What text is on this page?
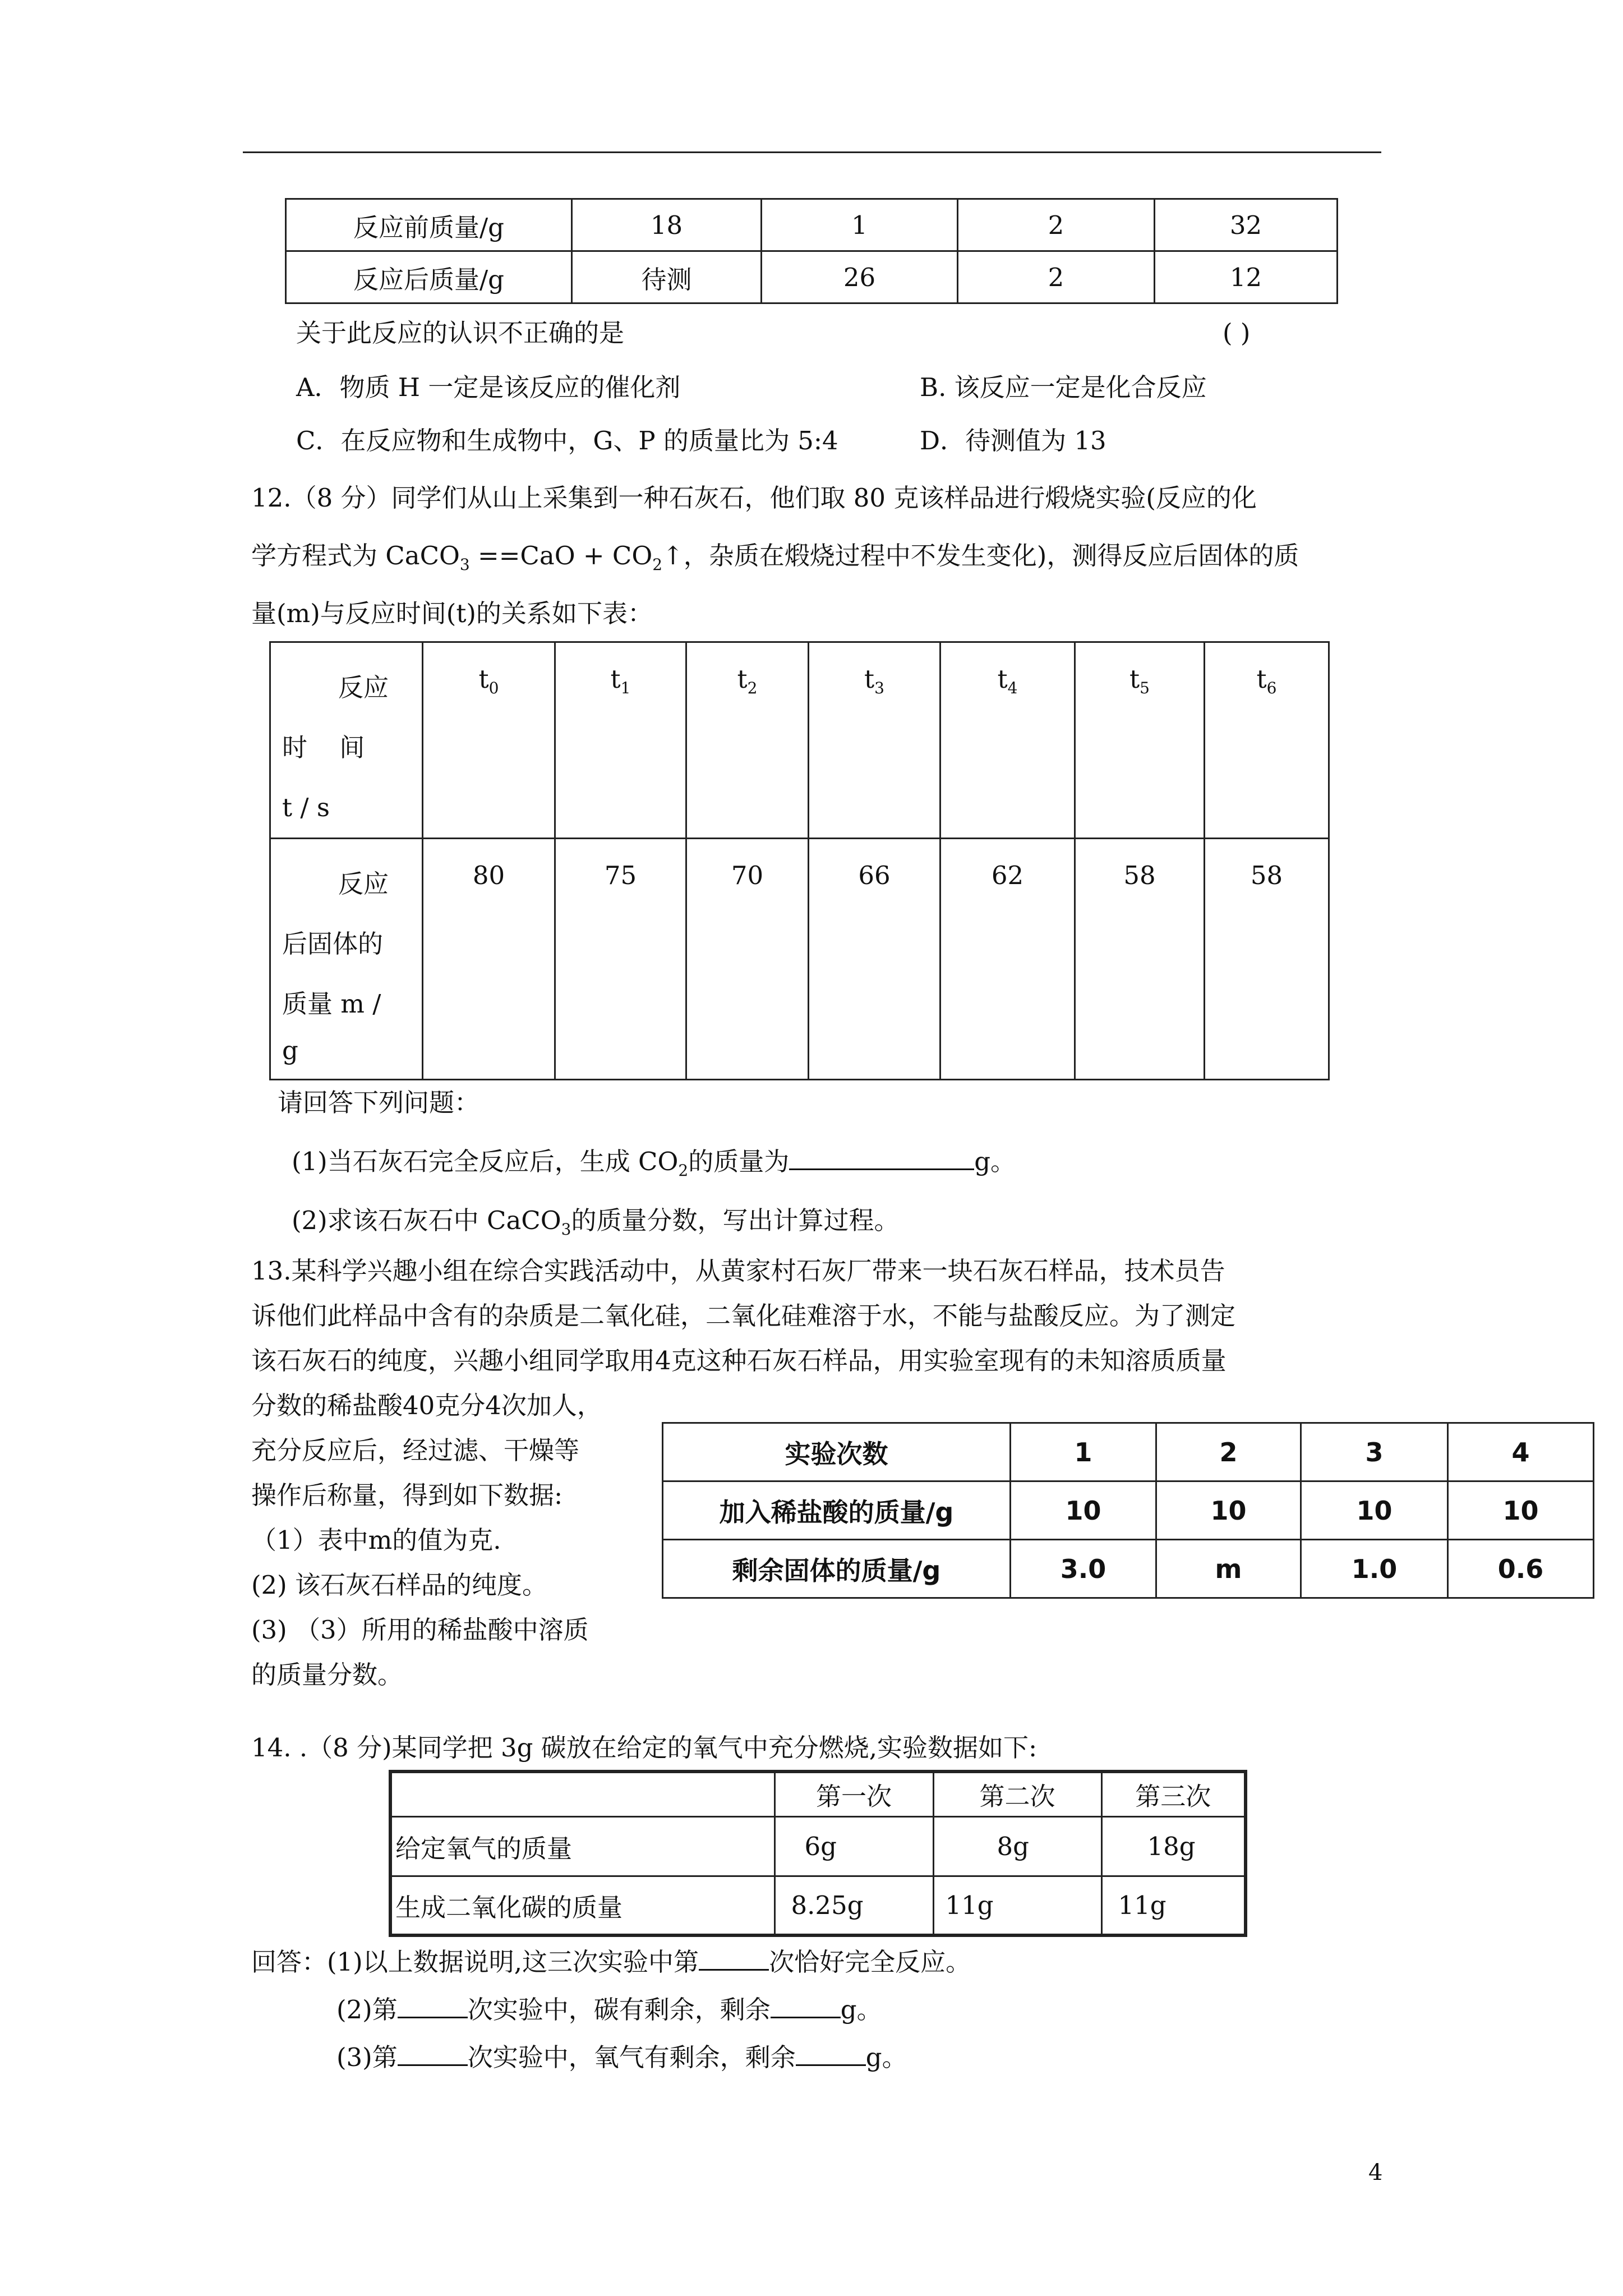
反应前质量/g	18	1	2	32
反应后质量/g	待测	26	2	12
关于此反应的认识不正确的是	( )
A．物质 H 一定是该反应的催化剂	B. 该反应一定是化合反应
C．在反应物和生成物中，G、P 的质量比为 5:4	D．待测值为 13
12.（8 分）同学们从山上采集到一种石灰石，他们取 80 克该样品进行煅烧实验(反应的化
学方程式为 CaCO$_3$ $==CaO + CO_2↑$，杂质在煅烧过程中不发生变化)，测得反应后固体的质
量(m)与反应时间(t)的关系如下表：
反应
时    间
t / s	$t_0$	$t_1$	$t_2$	$t_3$	$t_4$	$t_5$	$t_6$

反应
后固体的
质量 m /
g	80	75	70	66	62	58	58
请回答下列问题：
(1)当石灰石完全反应后，生成 $CO_2$的质量为	g。
(2)求该石灰石中 CaCO$_3$的质量分数，写出计算过程。
13.某科学兴趣小组在综合实践活动中，从黄家村石灰厂带来一块石灰石样品，技术员告
诉他们此样品中含有的杂质是二氧化硅，二氧化硅难溶于水，不能与盐酸反应。为了测定
该石灰石的纯度，兴趣小组同学取用4克这种石灰石样品，用实验室现有的未知溶质质量
分数的稀盐酸40克分4次加人，
充分反应后，经过滤、干燥等
操作后称量，得到如下数据:
（1）表中m的值为克.
(2) 该石灰石样品的纯度。
(3) （3）所用的稀盐酸中溶质
的质量分数。
实验次数	1	2	3	4
加入稀盐酸的质量/g	10	10	10	10
剩余固体的质量/g	3.0	m	1.0	0.6
14. .（8 分)某同学把 3g 碳放在给定的氧气中充分燃烧,实验数据如下:
	第一次	第二次	第三次
给定氧气的质量	6g	8g	18g
生成二氧化碳的质量	8.25g	11g	11g
回答：(1)以上数据说明,这三次实验中第	次恰好完全反应。
(2)第	次实验中，碳有剩余，剩余	g。
(3)第	次实验中，氧气有剩余，剩余	g。
4
